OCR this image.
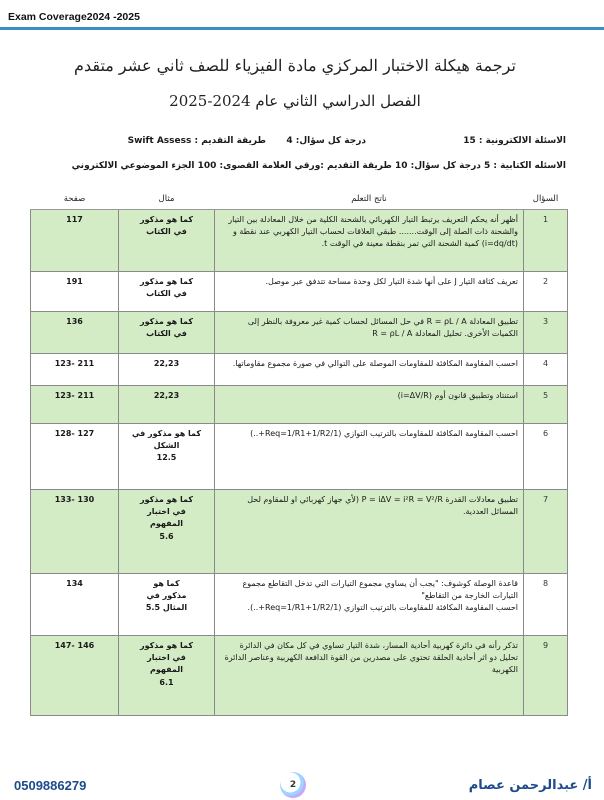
Exam Coverage2024 -2025
ترجمة هيكلة الاختبار المركزي مادة الفيزياء للصف ثاني عشر متقدم
الفصل الدراسي الثاني عام 2024-2025
الاسئلة الالكترونية : 15
درجة كل سؤال: 4
طريقة التقديم : Swift Assess
الاسئله الكتابية : 5 درجة كل سؤال: 10 طريقة التقديم :ورقي العلامة القصوى: 100 الجزء الموضوعي الالكتروني
السؤال	ناتج التعلم	مثال	صفحة
1	أظهر أنه يحكم التعريف يرتبط التيار الكهربائي بالشحنة الكلية من خلال المعادلة بين التيار والشحنة ذات الصلة إلى الوقت....... طبقي العلاقات لحساب التيار الكهربي عند نقطة و (i=dq/dt) كمية الشحنة التي تمر بنقطة معينة في الوقت t.	كما هو مذكور
في الكتاب	117
2	تعريف كثافة التيار J على أنها شدة التيار لكل وحدة مساحة تتدفق عبر موصل.	كما هو مذكور
في الكتاب	191
3	تطبيق المعادلة R = ρL / A في حل المسائل لحساب كمية غير معروفة بالنظر إلى الكميات الأخرى. تحليل المعادلة R = ρL / A	كما هو مذكور
في الكتاب	136
4	احسب المقاومة المكافئة للمقاومات الموصلة على التوالي في صورة مجموع مقاوماتها.	22,23	123- 211
5	استنتاد وتطبيق قانون أوم (i=ΔV/R)	22,23	123- 211
6	احسب المقاومة المكافئة للمقاومات بالترتيب التوازي (1/Req=1/R1+1/R2+..)	كما هو مذكور في
الشكل
12.5	128- 127
7	تطبيق معادلات القدرة P = iΔV = i²R = V²/R (لأي جهاز كهربائي او للمقاوم لحل المسائل العددية.	كما هو مذكور
في اختبار
المفهوم
5.6	133- 130
8	قاعدة الوصلة كوشوف: "يجب أن يساوي مجموع التيارات التي تدخل التقاطع مجموع التيارات الخارجة من التقاطع"
احسب المقاومة المكافئة للمقاومات بالترتيب التوازي (1/Req=1/R1+1/R2+..).	كما هو
مذكور في
المثال 5.5	134
9	تذكر رأنه في دائرة كهربية أحادية المسار، شدة التيار تساوي في كل مكان في الدائرة تحليل دو اثر أحادية الحلقة تحتوي على مصدرين من القوة الدافعة الكهربية وعناصر الدائرة الكهربية	كما هو مذكور
في اختبار
المفهوم
6.1	147- 146
0509886279	2	أ/ عبدالرحمن عصام
